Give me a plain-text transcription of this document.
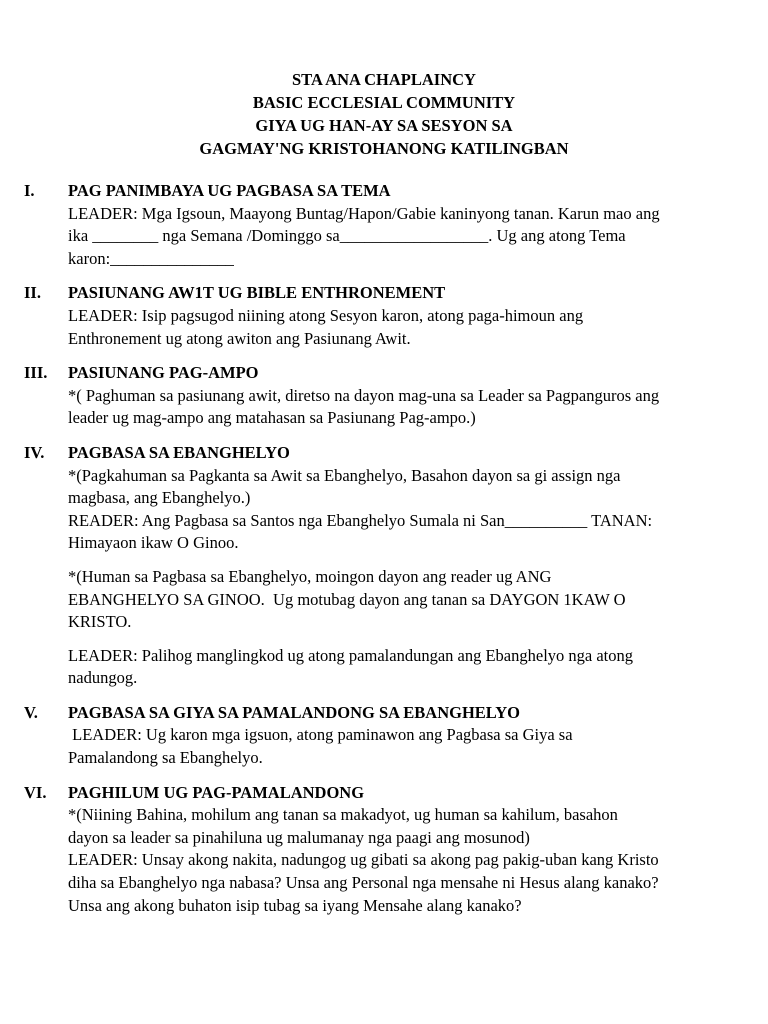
STA ANA CHAPLAINCY
BASIC ECCLESIAL COMMUNITY
GIYA UG HAN-AY SA SESYON SA
GAGMAY'NG KRISTOHANONG KATILINGBAN
I.	PAG PANIMBAYA UG PAGBASA SA TEMA
LEADER: Mga Igsoun, Maayong Buntag/Hapon/Gabie kaninyong tanan. Karun mao ang
ika ________ nga Semana /Dominggo sa__________________. Ug ang atong Tema
karon:_______________
II.	PASIUNANG AW1T UG BIBLE ENTHRONEMENT
LEADER: Isip pagsugod niining atong Sesyon karon, atong paga-himoun ang
Enthronement ug atong awiton ang Pasiunang Awit.
III.	PASIUNANG PAG-AMPO
*( Paghuman sa pasiunang awit, diretso na dayon mag-una sa Leader sa Pagpanguros ang
leader ug mag-ampo ang matahasan sa Pasiunang Pag-ampo.)
IV.	PAGBASA SA EBANGHELYO
*(Pagkahuman sa Pagkanta sa Awit sa Ebanghelyo, Basahon dayon sa gi assign nga
magbasa, ang Ebanghelyo.)
READER: Ang Pagbasa sa Santos nga Ebanghelyo Sumala ni San__________ TANAN:
Himayaon ikaw O Ginoo.
*(Human sa Pagbasa sa Ebanghelyo, moingon dayon ang reader ug ANG
EBANGHELYO SA GINOO.  Ug motubag dayon ang tanan sa DAYGON 1KAW O
KRISTO.
LEADER: Palihog manglingkod ug atong pamalandungan ang Ebanghelyo nga atong
nadungog.
V.	PAGBASA SA GIYA SA PAMALANDONG SA EBANGHELYO
LEADER: Ug karon mga igsuon, atong paminawon ang Pagbasa sa Giya sa
Pamalandong sa Ebanghelyo.
VI.	PAGHILUM UG PAG-PAMALANDONG
*(Niining Bahina, mohilum ang tanan sa makadyot, ug human sa kahilum, basahon
dayon sa leader sa pinahiluna ug malumanay nga paagi ang mosunod)
LEADER: Unsay akong nakita, nadungog ug gibati sa akong pag pakig-uban kang Kristo
diha sa Ebanghelyo nga nabasa? Unsa ang Personal nga mensahe ni Hesus alang kanako?
Unsa ang akong buhaton isip tubag sa iyang Mensahe alang kanako?
